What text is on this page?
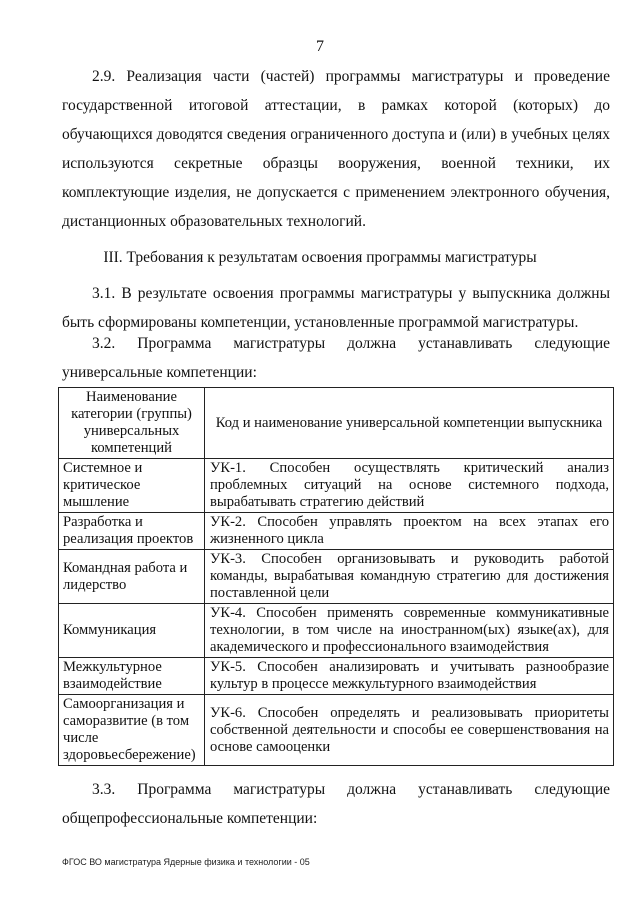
7

2.9. Реализация части (частей) программы магистратуры и проведение государственной итоговой аттестации, в рамках которой (которых) до обучающихся доводятся сведения ограниченного доступа и (или) в учебных целях используются секретные образцы вооружения, военной техники, их комплектующие изделия, не допускается с применением электронного обучения, дистанционных образовательных технологий.

III. Требования к результатам освоения программы магистратуры

3.1. В результате освоения программы магистратуры у выпускника должны быть сформированы компетенции, установленные программой магистратуры.

3.2. Программа магистратуры должна устанавливать следующие универсальные компетенции:

Наименование категории (группы) универсальных компетенций	Код и наименование универсальной компетенции выпускника
Системное и критическое мышление	УК-1. Способен осуществлять критический анализ проблемных ситуаций на основе системного подхода, вырабатывать стратегию действий
Разработка и реализация проектов	УК-2. Способен управлять проектом на всех этапах его жизненного цикла
Командная работа и лидерство	УК-3. Способен организовывать и руководить работой команды, вырабатывая командную стратегию для достижения поставленной цели
Коммуникация	УК-4. Способен применять современные коммуникативные технологии, в том числе на иностранном(ых) языке(ах), для академического и профессионального взаимодействия
Межкультурное взаимодействие	УК-5. Способен анализировать и учитывать разнообразие культур в процессе межкультурного взаимодействия
Самоорганизация и саморазвитие (в том числе здоровьесбережение)	УК-6. Способен определять и реализовывать приоритеты собственной деятельности и способы ее совершенствования на основе самооценки

3.3. Программа магистратуры должна устанавливать следующие общепрофессиональные компетенции:

ФГОС ВО магистратура Ядерные физика и технологии - 05
